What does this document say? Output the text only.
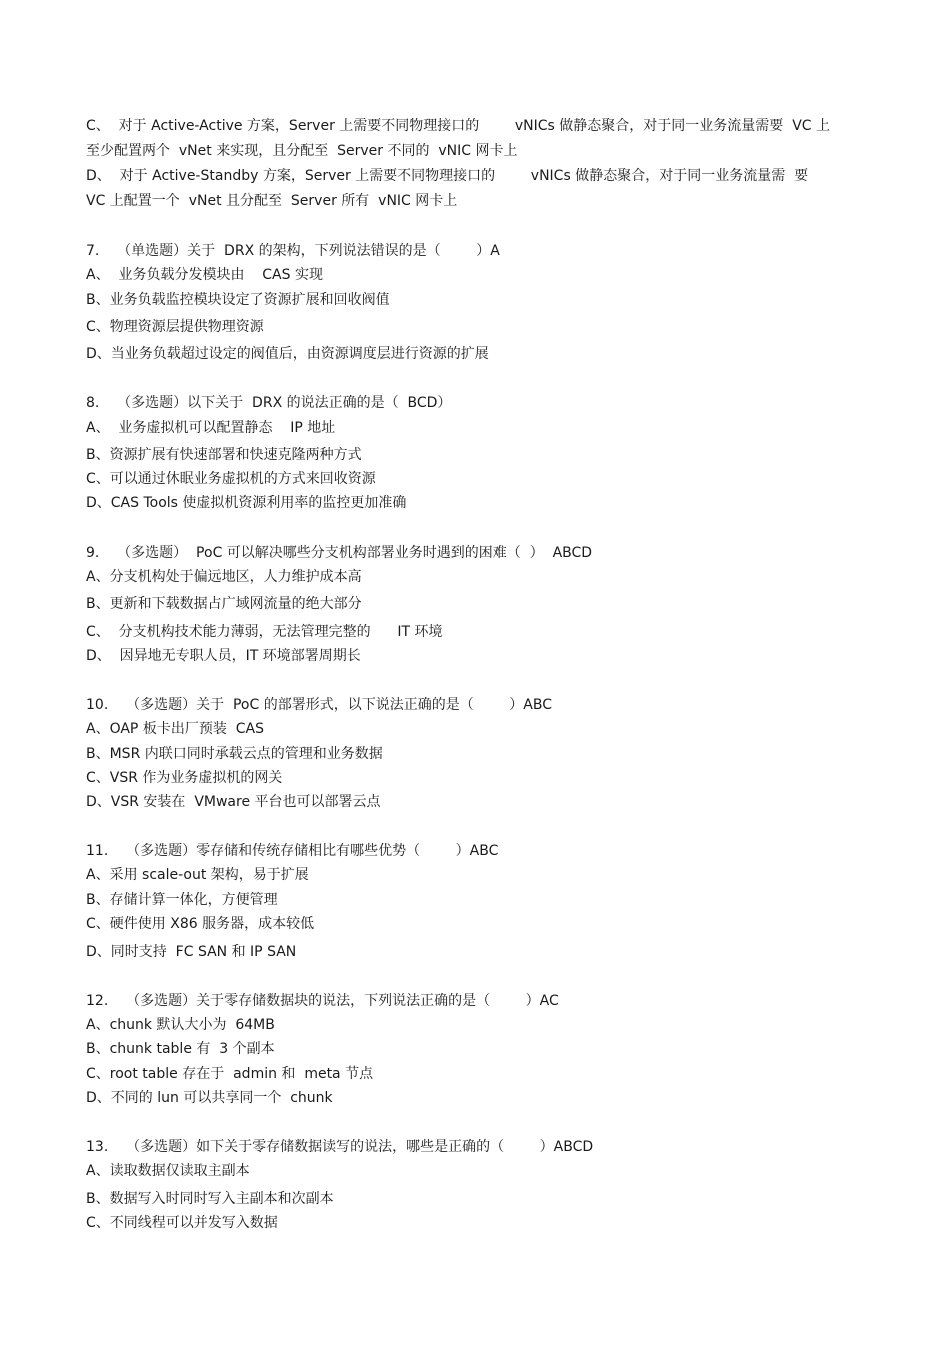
C、  对于 Active-Active 方案，Server 上需要不同物理接口的        vNICs 做静态聚合，对于同一业务流量需要  VC 上
至少配置两个  vNet 来实现，且分配至  Server 不同的  vNIC 网卡上
D、  对于 Active-Standby 方案，Server 上需要不同物理接口的        vNICs 做静态聚合，对于同一业务流量需  要
VC 上配置一个  vNet 且分配至  Server 所有  vNIC 网卡上
7.    （单选题）关于  DRX 的架构，下列说法错误的是（        ）A
A、  业务负载分发模块由    CAS 实现
B、业务负载监控模块设定了资源扩展和回收阀值
C、物理资源层提供物理资源
D、当业务负载超过设定的阀值后，由资源调度层进行资源的扩展
8.    （多选题）以下关于  DRX 的说法正确的是（  BCD）
A、  业务虚拟机可以配置静态    IP 地址
B、资源扩展有快速部署和快速克隆两种方式
C、可以通过休眠业务虚拟机的方式来回收资源
D、CAS Tools 使虚拟机资源利用率的监控更加准确
9.    （多选题）  PoC 可以解决哪些分支机构部署业务时遇到的困难（  ）  ABCD
A、分支机构处于偏远地区，人力维护成本高
B、更新和下载数据占广域网流量的绝大部分
C、  分支机构技术能力薄弱，无法管理完整的      IT 环境
D、  因异地无专职人员，IT 环境部署周期长
10.    （多选题）关于  PoC 的部署形式，以下说法正确的是（        ）ABC
A、OAP 板卡出厂预装  CAS
B、MSR 内联口同时承载云点的管理和业务数据
C、VSR 作为业务虚拟机的网关
D、VSR 安装在  VMware 平台也可以部署云点
11.    （多选题）零存储和传统存储相比有哪些优势（        ）ABC
A、采用 scale-out 架构，易于扩展
B、存储计算一体化，方便管理
C、硬件使用 X86 服务器，成本较低
D、同时支持  FC SAN 和 IP SAN
12.    （多选题）关于零存储数据块的说法，下列说法正确的是（        ）AC
A、chunk 默认大小为  64MB
B、chunk table 有  3 个副本
C、root table 存在于  admin 和  meta 节点
D、不同的 lun 可以共享同一个  chunk
13.    （多选题）如下关于零存储数据读写的说法，哪些是正确的（        ）ABCD
A、读取数据仅读取主副本
B、数据写入时同时写入主副本和次副本
C、不同线程可以并发写入数据
